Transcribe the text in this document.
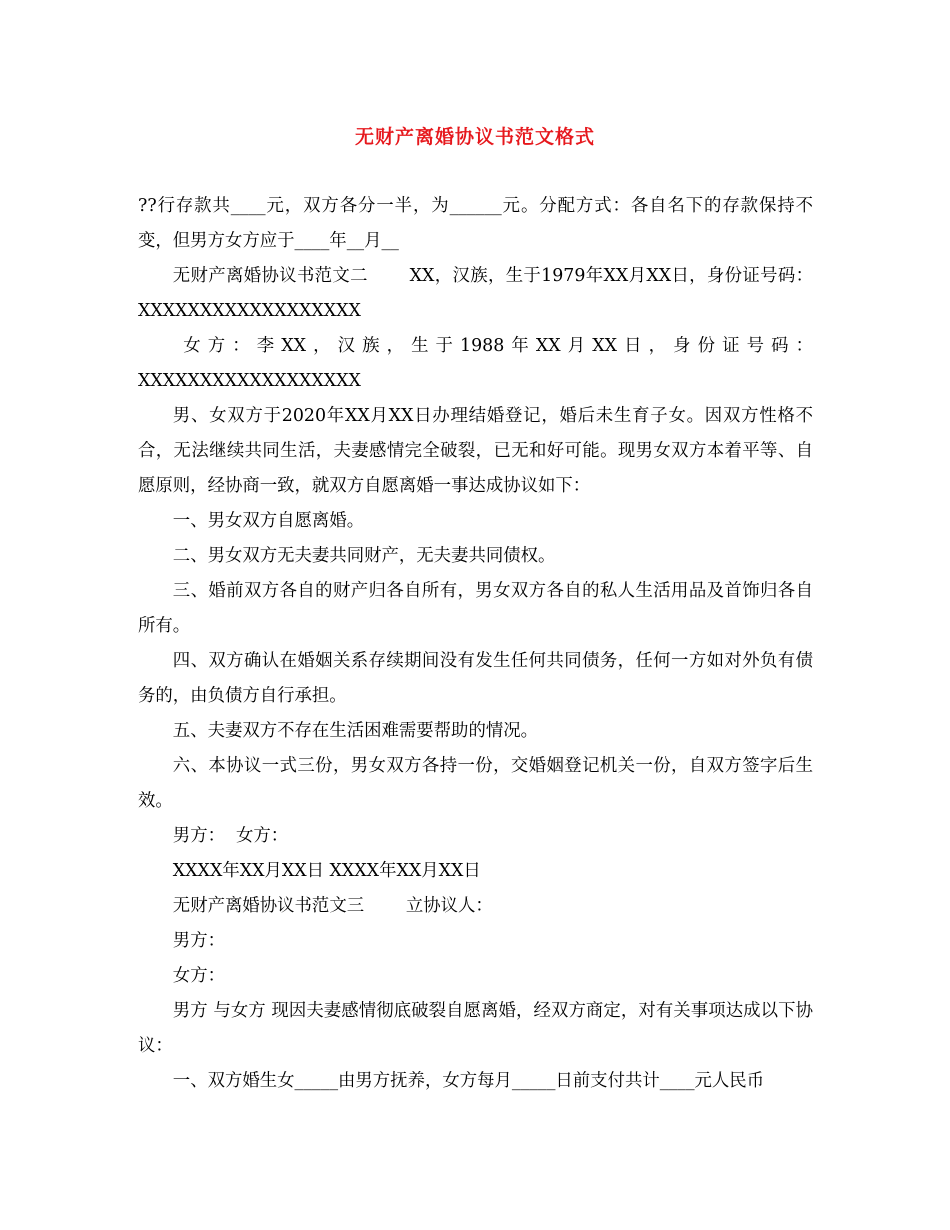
无财产离婚协议书范文格式

??行存款共____元，双方各分一半，为______元。分配方式：各自名下的存款保持不变，但男方女方应于____年__月__

无财产离婚协议书范文二 XX，汉族，生于1979年XX月XX日，身份证号码：XXXXXXXXXXXXXXXXXX

女方：李XX，汉族，生于1988年XX月XX日，身份证号码：

XXXXXXXXXXXXXXXXXX

男、女双方于2020年XX月XX日办理结婚登记，婚后未生育子女。因双方性格不合，无法继续共同生活，夫妻感情完全破裂，已无和好可能。现男女双方本着平等、自愿原则，经协商一致，就双方自愿离婚一事达成协议如下：

一、男女双方自愿离婚。

二、男女双方无夫妻共同财产，无夫妻共同债权。

三、婚前双方各自的财产归各自所有，男女双方各自的私人生活用品及首饰归各自所有。

四、双方确认在婚姻关系存续期间没有发生任何共同债务，任何一方如对外负有债务的，由负债方自行承担。

五、夫妻双方不存在生活困难需要帮助的情况。

六、本协议一式三份，男女双方各持一份，交婚姻登记机关一份，自双方签字后生效。

男方：  女方：

XXXX年XX月XX日 XXXX年XX月XX日

无财产离婚协议书范文三 立协议人：

男方：

女方：

男方 与女方 现因夫妻感情彻底破裂自愿离婚，经双方商定，对有关事项达成以下协议：

一、双方婚生女_____由男方抚养，女方每月_____日前支付共计____元人民币
